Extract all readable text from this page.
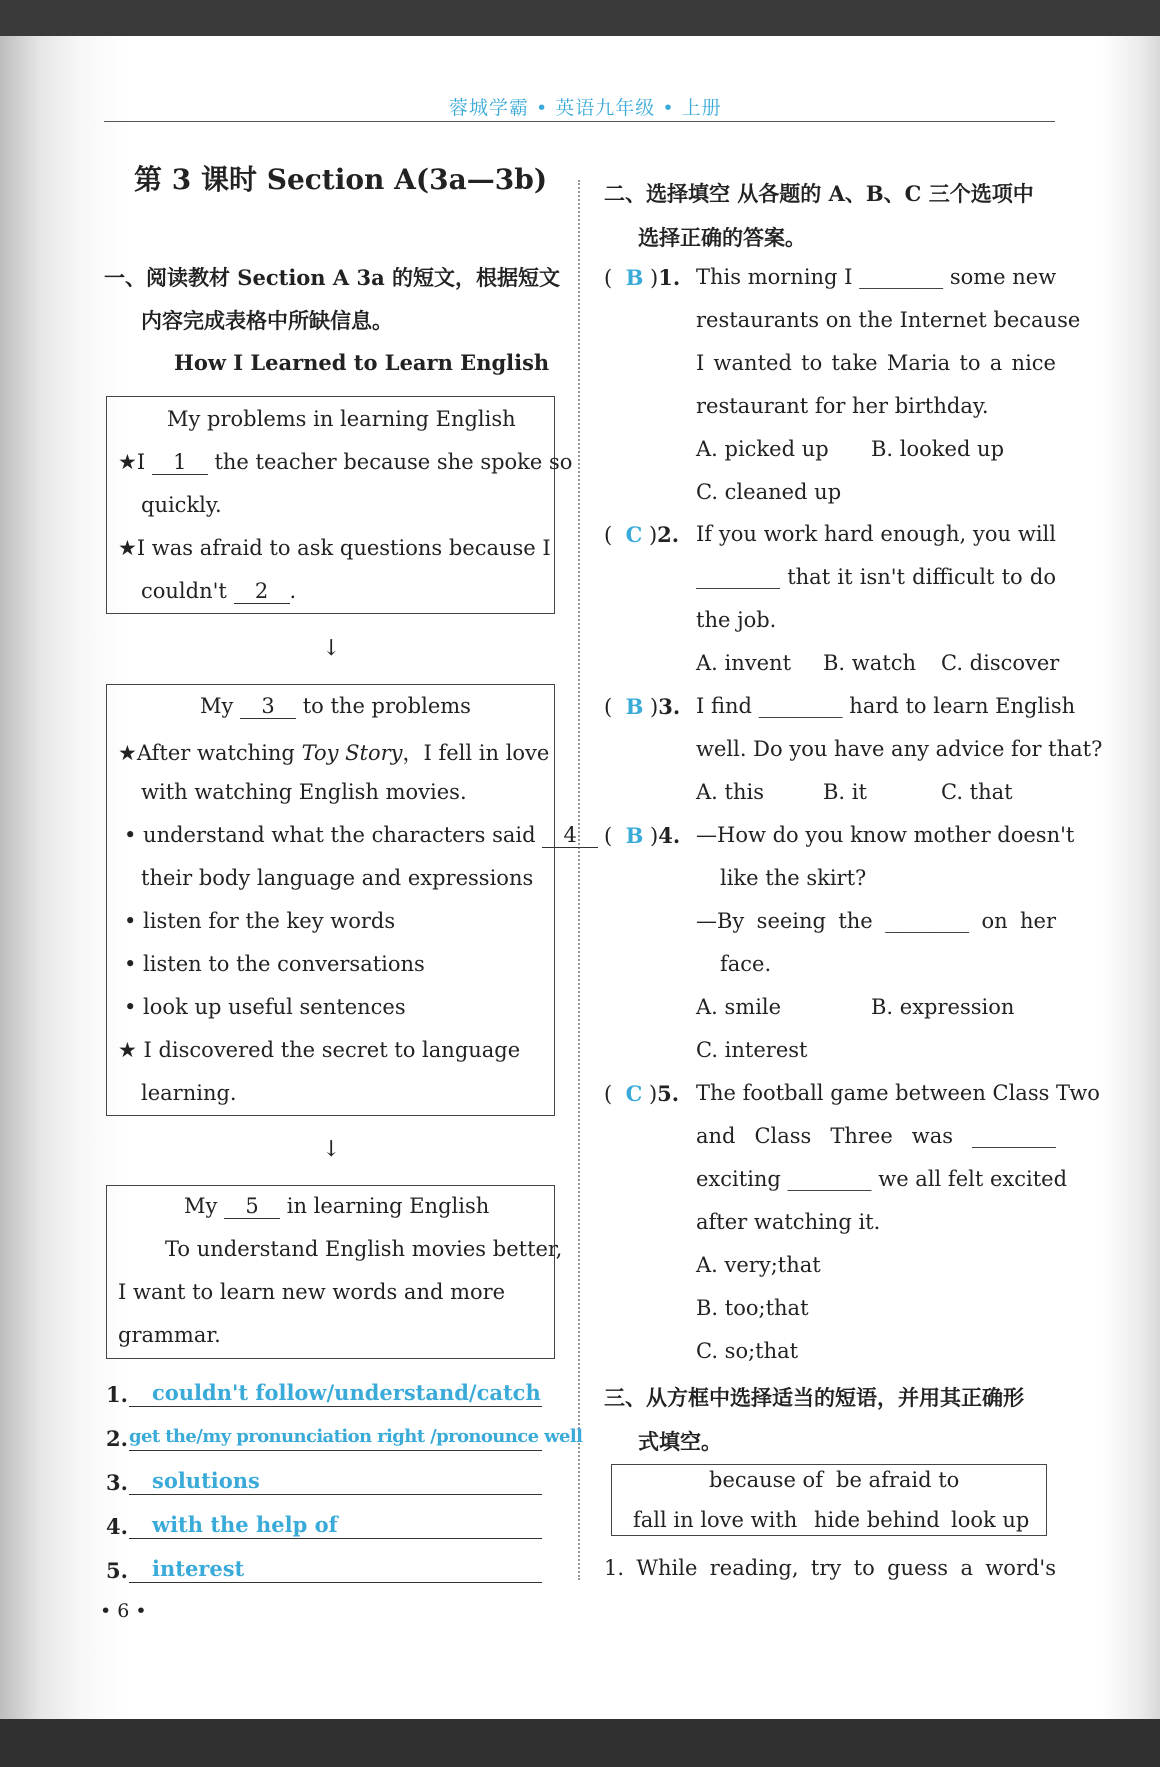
蓉城学霸 • 英语九年级 • 上册
第 3 课时 Section A(3a—3b)
一、阅读教材 Section A 3a 的短文，根据短文
内容完成表格中所缺信息。
How I Learned to Learn English
My problems in learning English
★I 1 the teacher because she spoke so
quickly.
★I was afraid to ask questions because I
couldn't 2 .
↓
My 3 to the problems
★After watching Toy Story，I fell in love
with watching English movies.
• understand what the characters said 4
their body language and expressions
• listen for the key words
• listen to the conversations
• look up useful sentences
★ I discovered the secret to language
learning.
↓
My 5 in learning English
To understand English movies better,
I want to learn new words and more
grammar.
1. couldn't follow/understand/catch
2. get the/my pronunciation right /pronounce well
3. solutions
4. with the help of
5. interest
• 6 •
二、选择填空 从各题的 A、B、C 三个选项中
选择正确的答案。
( B )1. This morning I ________ some new
restaurants on the Internet because
I wanted to take Maria to a nice
restaurant for her birthday.
A. picked up B. looked up
C. cleaned up
( C )2. If you work hard enough, you will
________ that it isn't difficult to do
the job.
A. invent B. watch C. discover
( B )3. I find ________ hard to learn English
well. Do you have any advice for that?
A. this	B. it	C. that
( B )4. —How do you know mother doesn't
like the skirt?
—By seeing the ________ on her
face.
A. smile	B. expression
C. interest
( C )5. The football game between Class Two
and Class Three was ________
exciting ________ we all felt excited
after watching it.
A. very;that
B. too;that
C. so;that
三、从方框中选择适当的短语，并用其正确形
式填空。
because of be afraid to
fall in love with hide behind look up
1. While reading, try to guess a word's
